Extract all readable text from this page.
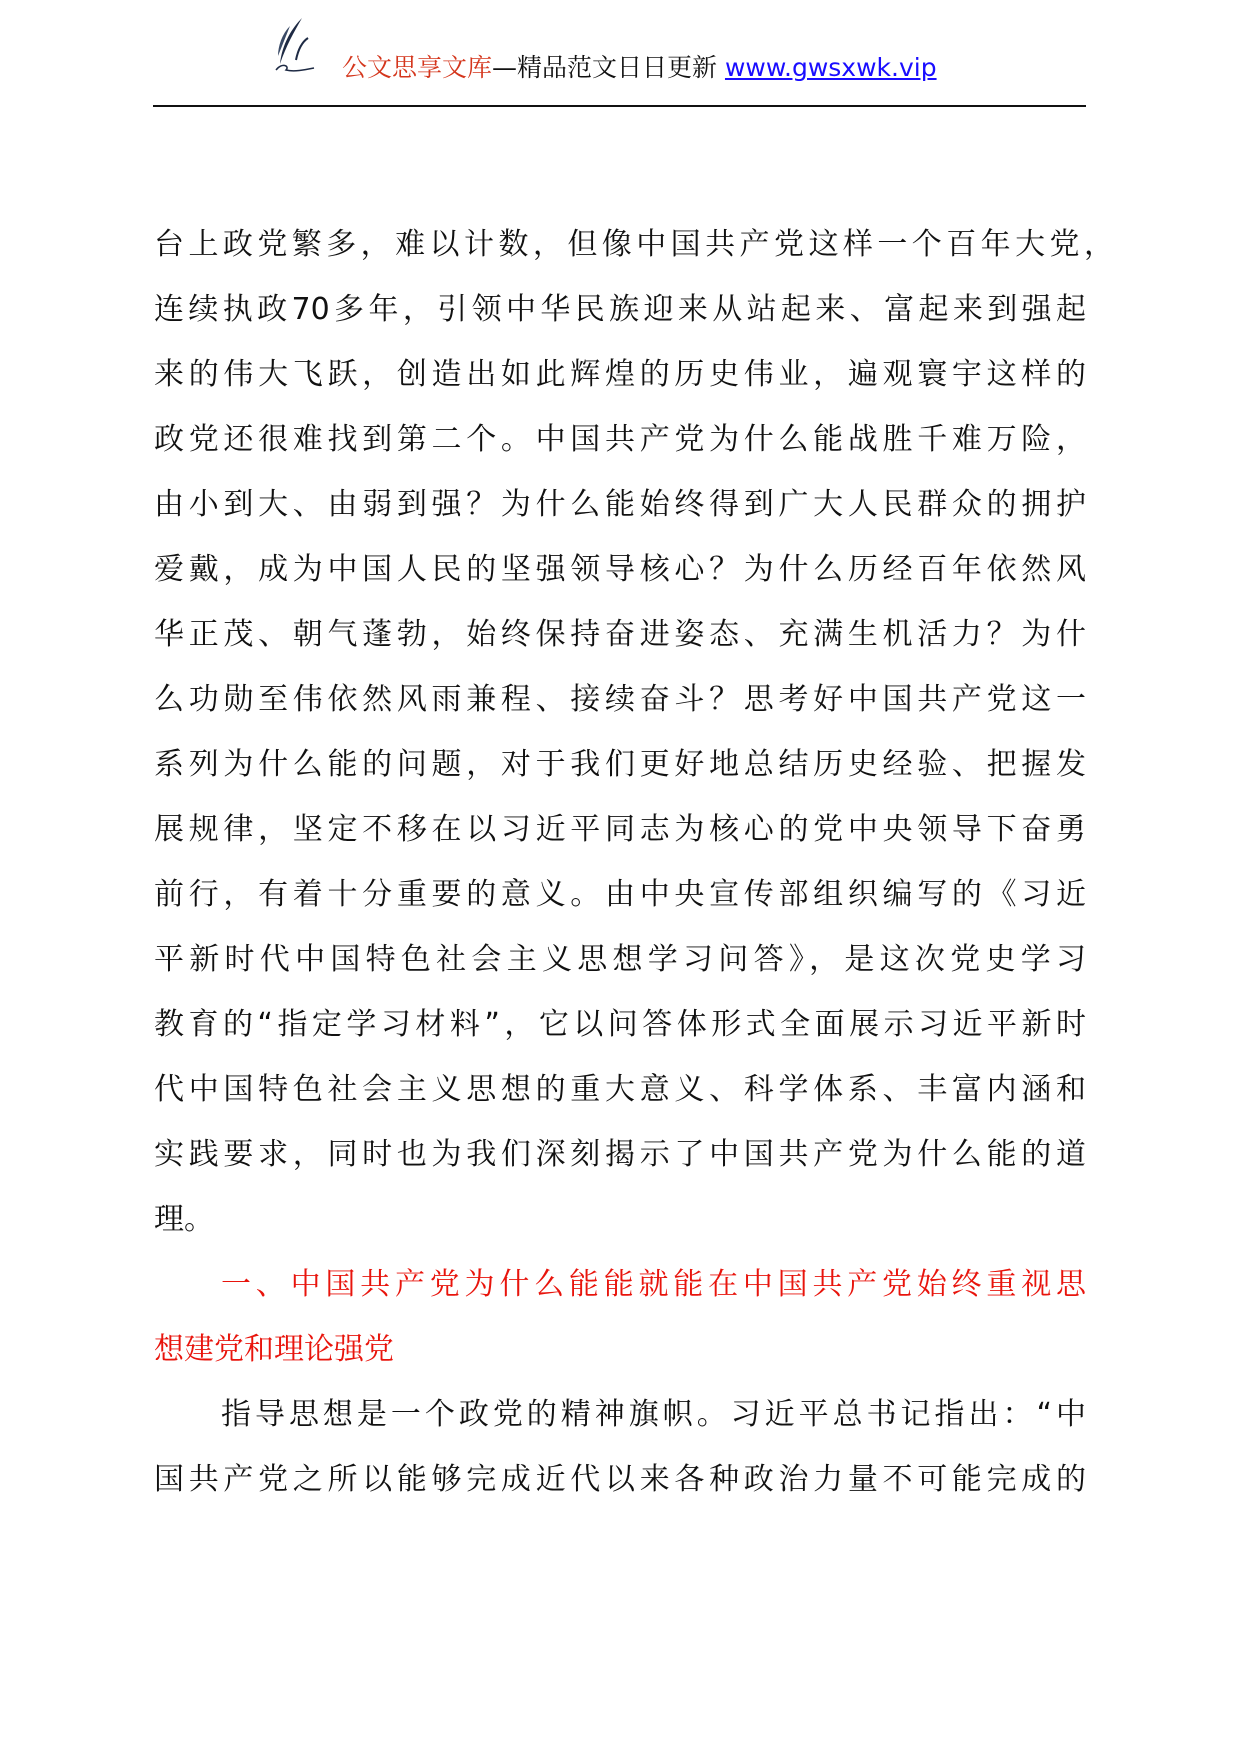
公文思享文库—精品范文日日更新 www.gwsxwk.vip
台上政党繁多，难以计数，但像中国共产党这样一个百年大党，
连续执政70多年，引领中华民族迎来从站起来、富起来到强起
来的伟大飞跃，创造出如此辉煌的历史伟业，遍观寰宇这样的
政党还很难找到第二个。中国共产党为什么能战胜千难万险，
由小到大、由弱到强？为什么能始终得到广大人民群众的拥护
爱戴，成为中国人民的坚强领导核心？为什么历经百年依然风
华正茂、朝气蓬勃，始终保持奋进姿态、充满生机活力？为什
么功勋至伟依然风雨兼程、接续奋斗？思考好中国共产党这一
系列为什么能的问题，对于我们更好地总结历史经验、把握发
展规律，坚定不移在以习近平同志为核心的党中央领导下奋勇
前行，有着十分重要的意义。由中央宣传部组织编写的《习近
平新时代中国特色社会主义思想学习问答》，是这次党史学习
教育的“指定学习材料”，它以问答体形式全面展示习近平新时
代中国特色社会主义思想的重大意义、科学体系、丰富内涵和
实践要求，同时也为我们深刻揭示了中国共产党为什么能的道
理。
一、中国共产党为什么能能就能在中国共产党始终重视思
想建党和理论强党
指导思想是一个政党的精神旗帜。习近平总书记指出：“中
国共产党之所以能够完成近代以来各种政治力量不可能完成的
